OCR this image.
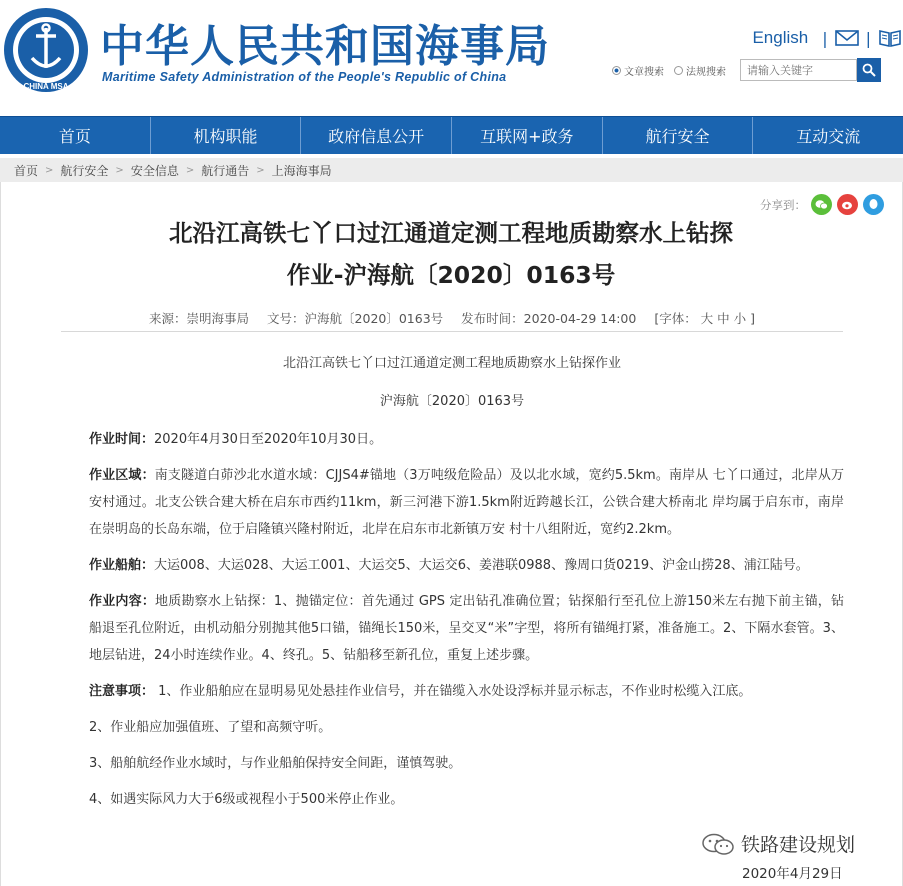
CHINA MSA
中华人民共和国海事局
Maritime Safety Administration of the People's Republic of China
English | |
文章搜索 法规搜索
请输入关键字
首页	机构职能	政府信息公开	互联网+政务	航行安全	互动交流
首页 > 航行安全 > 安全信息 > 航行通告 > 上海海事局
分享到：
北沿江高铁七丫口过江通道定测工程地质勘察水上钻探
作业-沪海航〔2020〕0163号
来源：崇明海事局 文号：沪海航〔2020〕0163号 发布时间：2020-04-29 14:00 [字体： 大 中 小 ]
北沿江高铁七丫口过江通道定测工程地质勘察水上钻探作业
沪海航〔2020〕0163号

作业时间：2020年4月30日至2020年10月30日。

作业区域：南支隧道白茆沙北水道水域：CJJS4#锚地（3万吨级危险品）及以北水域，宽约5.5km。南岸从 七丫口通过，北岸从万安村通过。北支公铁合建大桥在启东市西约11km，新三河港下游1.5km附近跨越长江，公铁合建大桥南北 岸均属于启东市，南岸在崇明岛的长岛东端，位于启隆镇兴隆村附近，北岸在启东市北新镇万安 村十八组附近，宽约2.2km。

作业船舶：大运008、大运028、大运工001、大运交5、大运交6、姜港联0988、豫周口货0219、沪金山捞28、浦江陆号。

作业内容：地质勘察水上钻探：1、抛锚定位：首先通过 GPS 定出钻孔准确位置；钻探船行至孔位上游150米左右抛下前主锚，钻船退至孔位附近，由机动船分别抛其他5口锚，锚绳长150米，呈交叉“米”字型，将所有锚绳打紧，准备施工。2、下隔水套管。3、地层钻进，24小时连续作业。4、终孔。5、钻船移至新孔位，重复上述步骤。

注意事项： 1、作业船舶应在显明易见处悬挂作业信号，并在锚缆入水处设浮标并显示标志，不作业时松缆入江底。

2、作业船应加强值班、了望和高频守听。

3、船舶航经作业水域时，与作业船舶保持安全间距，谨慎驾驶。

4、如遇实际风力大于6级或视程小于500米停止作业。

铁路建设规划
2020年4月29日
